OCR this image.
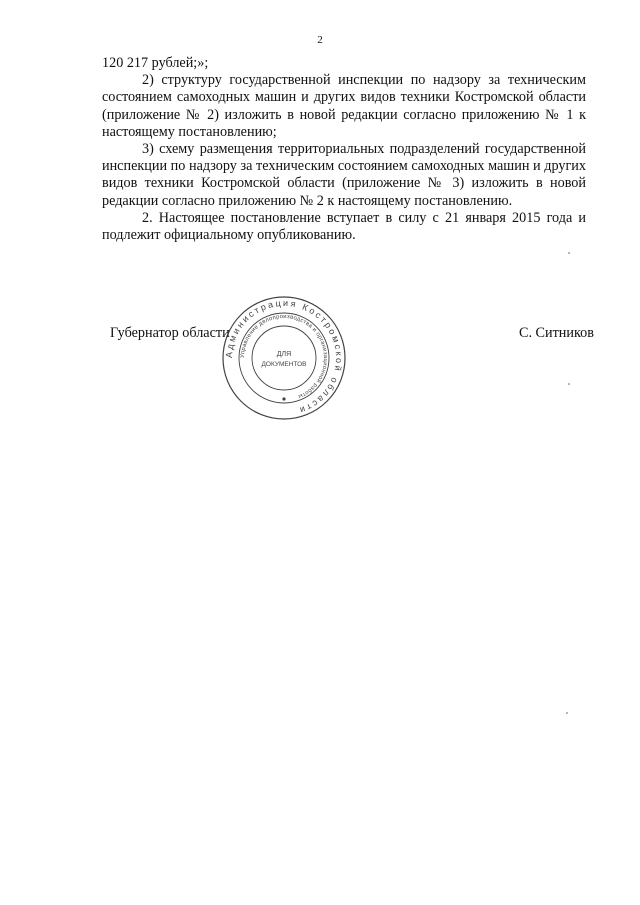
2

120 217 рублей;»;

2) структуру государственной инспекции по надзору за техническим состоянием самоходных машин и других видов техники Костромской области (приложение № 2) изложить в новой редакции согласно приложению № 1 к настоящему постановлению;

3) схему размещения территориальных подразделений государственной инспекции по надзору за техническим состоянием самоходных машин и других видов техники Костромской области (приложение № 3) изложить в новой редакции согласно приложению № 2 к настоящему постановлению.

2. Настоящее постановление вступает в силу с 21 января 2015 года и подлежит официальному опубликованию.

Губернатор области	С. Ситников
Администрация Костромской области
Управление делопроизводства и организационной работы
ДЛЯ
ДОКУМЕНТОВ
